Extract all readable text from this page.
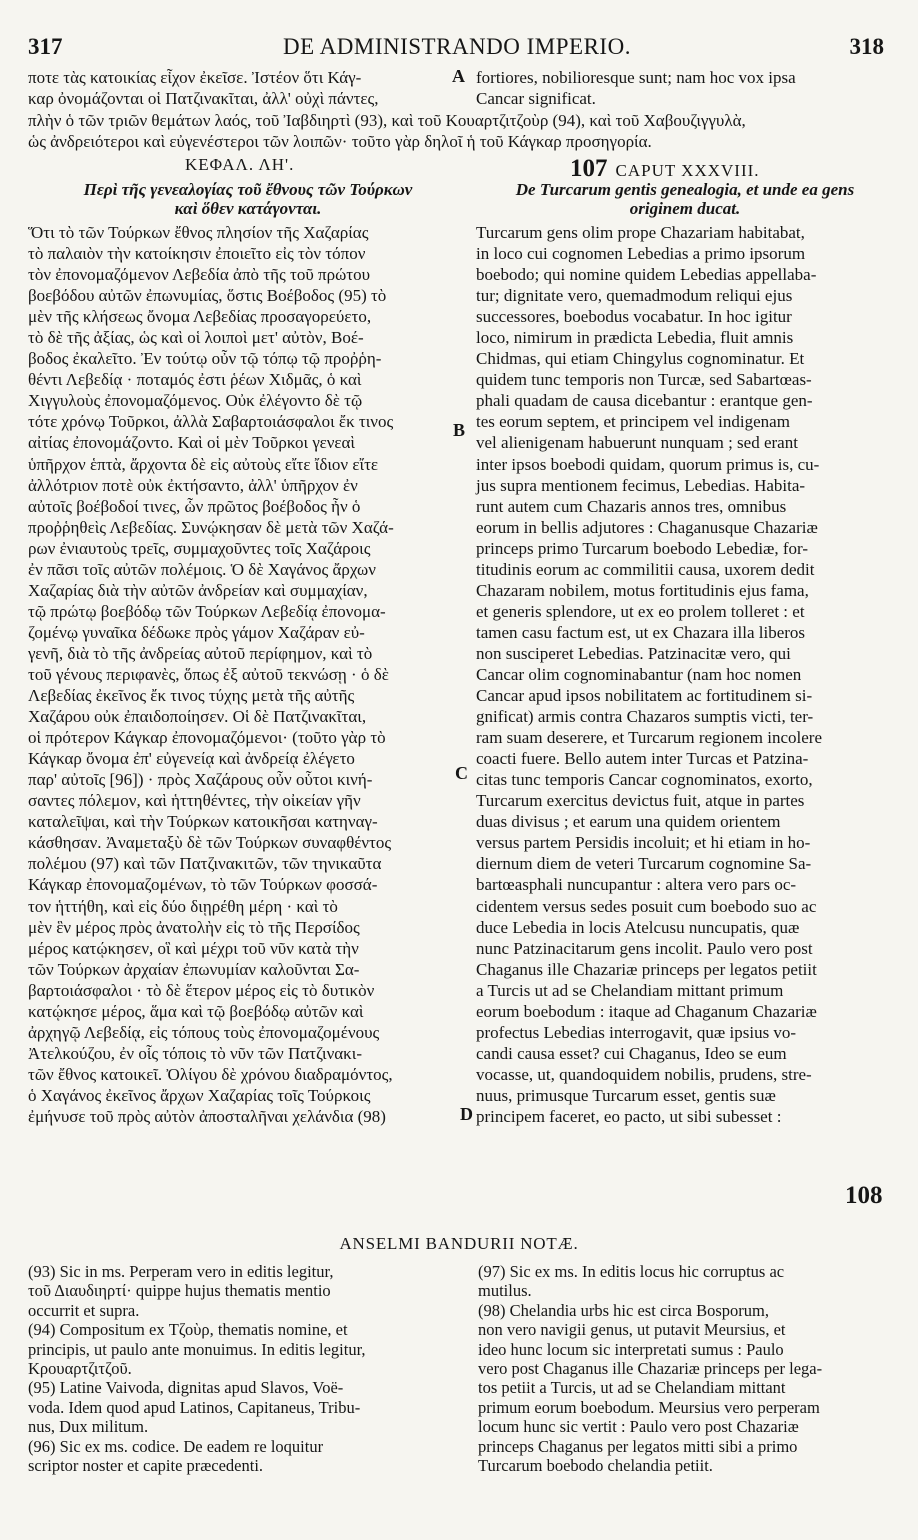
317	DE ADMINISTRANDO IMPERIO.	318
ποτε τὰς κατοικίας εἶχον ἐκεῖσε. Ἰστέον ὅτι Κάγ-
καρ ὀνομάζονται οἱ Πατζινακῖται, ἀλλ' οὐχὶ πάντες,
fortiores, nobilioresque sunt; nam hoc vox ipsa
Cancar significat.
A
πλὴν ὁ τῶν τριῶν θεμάτων λαός, τοῦ Ἰαβδιηρτὶ (93), καὶ τοῦ Κουαρτζιτζοὺρ (94), καὶ τοῦ Χαβουζιγγυλὰ,
ὡς ἀνδρειότεροι καὶ εὐγενέστεροι τῶν λοιπῶν· τοῦτο γὰρ δηλοῖ ἡ τοῦ Κάγκαρ προσηγορία.
ΚΕΦΑΛ. ΛΗ'.	107 CAPUT XXXVIII.
Περὶ τῆς γενεαλογίας τοῦ ἔθνους τῶν Τούρκων
καὶ ὅθεν κατάγονται.
De Turcarum gentis genealogia, et unde ea gens
originem ducat.
Ὅτι τὸ τῶν Τούρκων ἔθνος πλησίον τῆς Χαζαρίας
τὸ παλαιὸν τὴν κατοίκησιν ἐποιεῖτο εἰς τὸν τόπον
τὸν ἐπονομαζόμενον Λεβεδία ἀπὸ τῆς τοῦ πρώτου
βοεβόδου αὐτῶν ἐπωνυμίας, ὅστις Βοέβοδος (95) τὸ
μὲν τῆς κλήσεως ὄνομα Λεβεδίας προσαγορεύετο,
τὸ δὲ τῆς ἀξίας, ὡς καὶ οἱ λοιποὶ μετ' αὐτὸν, Βοέ-
βοδος ἐκαλεῖτο. Ἐν τούτῳ οὖν τῷ τόπῳ τῷ προῤῥη-
θέντι Λεβεδίᾳ · ποταμός ἐστι ῥέων Χιδμᾶς, ὁ καὶ
Χιγγυλοὺς ἐπονομαζόμενος. Οὐκ ἐλέγοντο δὲ τῷ
τότε χρόνῳ Τοῦρκοι, ἀλλὰ Σαβαρτοιάσφαλοι ἔκ τινος
αἰτίας ἐπονομάζοντο. Καὶ οἱ μὲν Τοῦρκοι γενεαὶ
ὑπῆρχον ἑπτὰ, ἄρχοντα δὲ εἰς αὐτοὺς εἴτε ἴδιον εἴτε
ἀλλότριον ποτὲ οὐκ ἐκτήσαντο, ἀλλ' ὑπῆρχον ἐν
αὐτοῖς βοέβοδοί τινες, ὧν πρῶτος βοέβοδος ἦν ὁ
προῤῥηθεὶς Λεβεδίας. Συνῴκησαν δὲ μετὰ τῶν Χαζά-
ρων ἐνιαυτοὺς τρεῖς, συμμαχοῦντες τοῖς Χαζάροις
ἐν πᾶσι τοῖς αὐτῶν πολέμοις. Ὁ δὲ Χαγάνος ἄρχων
Χαζαρίας διὰ τὴν αὐτῶν ἀνδρείαν καὶ συμμαχίαν,
τῷ πρώτῳ βοεβόδῳ τῶν Τούρκων Λεβεδίᾳ ἐπονομα-
ζομένῳ γυναῖκα δέδωκε πρὸς γάμον Χαζάραν εὐ-
γενῆ, διὰ τὸ τῆς ἀνδρείας αὐτοῦ περίφημον, καὶ τὸ
τοῦ γένους περιφανὲς, ὅπως ἐξ αὐτοῦ τεκνώσῃ · ὁ δὲ
Λεβεδίας ἐκεῖνος ἔκ τινος τύχης μετὰ τῆς αὐτῆς
Χαζάρου οὐκ ἐπαιδοποίησεν. Οἱ δὲ Πατζινακῖται,
οἱ πρότερον Κάγκαρ ἐπονομαζόμενοι· (τοῦτο γὰρ τὸ
Κάγκαρ ὄνομα ἐπ' εὐγενείᾳ καὶ ἀνδρείᾳ ἐλέγετο
παρ' αὐτοῖς [96]) · πρὸς Χαζάρους οὖν οὗτοι κινή-
σαντες πόλεμον, καὶ ἡττηθέντες, τὴν οἰκείαν γῆν
καταλεῖψαι, καὶ τὴν Τούρκων κατοικῆσαι κατηναγ-
κάσθησαν. Ἀναμεταξὺ δὲ τῶν Τούρκων συναφθέντος
πολέμου (97) καὶ τῶν Πατζινακιτῶν, τῶν τηνικαῦτα
Κάγκαρ ἐπονομαζομένων, τὸ τῶν Τούρκων φοσσά-
τον ἡττήθη, καὶ εἰς δύο διῃρέθη μέρη · καὶ τὸ
μὲν ἓν μέρος πρὸς ἀνατολὴν εἰς τὸ τῆς Περσίδος
μέρος κατῴκησεν, οἳ καὶ μέχρι τοῦ νῦν κατὰ τὴν
τῶν Τούρκων ἀρχαίαν ἐπωνυμίαν καλοῦνται Σα-
βαρτοιάσφαλοι · τὸ δὲ ἕτερον μέρος εἰς τὸ δυτικὸν
κατῴκησε μέρος, ἅμα καὶ τῷ βοεβόδῳ αὐτῶν καὶ
ἀρχηγῷ Λεβεδίᾳ, εἰς τόπους τοὺς ἐπονομαζομένους
Ἀτελκούζου, ἐν οἷς τόποις τὸ νῦν τῶν Πατζινακι-
τῶν ἔθνος κατοικεῖ. Ὀλίγου δὲ χρόνου διαδραμόντος,
ὁ Χαγάνος ἐκεῖνος ἄρχων Χαζαρίας τοῖς Τούρκοις
ἐμήνυσε τοῦ πρὸς αὐτὸν ἀποσταλῆναι χελάνδια (98)
Turcarum gens olim prope Chazariam habitabat,
in loco cui cognomen Lebedias a primo ipsorum
boebodo; qui nomine quidem Lebedias appellaba-
tur; dignitate vero, quemadmodum reliqui ejus
successores, boebodus vocabatur. In hoc igitur
loco, nimirum in prædicta Lebedia, fluit amnis
Chidmas, qui etiam Chingylus cognominatur. Et
quidem tunc temporis non Turcæ, sed Sabartœas-
phali quadam de causa dicebantur : erantque gen-
tes eorum septem, et principem vel indigenam
vel alienigenam habuerunt nunquam ; sed erant
inter ipsos boebodi quidam, quorum primus is, cu-
jus supra mentionem fecimus, Lebedias. Habita-
runt autem cum Chazaris annos tres, omnibus
eorum in bellis adjutores : Chaganusque Chazariæ
princeps primo Turcarum boebodo Lebediæ, for-
titudinis eorum ac commilitii causa, uxorem dedit
Chazaram nobilem, motus fortitudinis ejus fama,
et generis splendore, ut ex eo prolem tolleret : et
tamen casu factum est, ut ex Chazara illa liberos
non susciperet Lebedias. Patzinacitæ vero, qui
Cancar olim cognominabantur (nam hoc nomen
Cancar apud ipsos nobilitatem ac fortitudinem si-
gnificat) armis contra Chazaros sumptis victi, ter-
ram suam deserere, et Turcarum regionem incolere
coacti fuere. Bello autem inter Turcas et Patzina-
citas tunc temporis Cancar cognominatos, exorto,
Turcarum exercitus devictus fuit, atque in partes
duas divisus ; et earum una quidem orientem
versus partem Persidis incoluit; et hi etiam in ho-
diernum diem de veteri Turcarum cognomine Sa-
bartœasphali nuncupantur : altera vero pars oc-
cidentem versus sedes posuit cum boebodo suo ac
duce Lebedia in locis Atelcusu nuncupatis, quæ
nunc Patzinacitarum gens incolit. Paulo vero post
Chaganus ille Chazariæ princeps per legatos petiit
a Turcis ut ad se Chelandiam mittant primum
eorum boebodum : itaque ad Chaganum Chazariæ
profectus Lebedias interrogavit, quæ ipsius vo-
candi causa esset? cui Chaganus, Ideo se eum
vocasse, ut, quandoquidem nobilis, prudens, stre-
nuus, primusque Turcarum esset, gentis suæ
principem faceret, eo pacto, ut sibi subesset :
B
C
D
108
ANSELMI BANDURII NOTÆ.
(93) Sic in ms. Perperam vero in editis legitur,
τοῦ Διαυδιηρτί· quippe hujus thematis mentio
occurrit et supra.
(94) Compositum ex Τζοὺρ, thematis nomine, et
principis, ut paulo ante monuimus. In editis legitur,
Κρουαρτζιτζοῦ.
(95) Latine Vaivoda, dignitas apud Slavos, Voë-
voda. Idem quod apud Latinos, Capitaneus, Tribu-
nus, Dux militum.
(96) Sic ex ms. codice. De eadem re loquitur
scriptor noster et capite præcedenti.
(97) Sic ex ms. In editis locus hic corruptus ac
mutilus.
(98) Chelandia urbs hic est circa Bosporum,
non vero navigii genus, ut putavit Meursius, et
ideo hunc locum sic interpretati sumus : Paulo
vero post Chaganus ille Chazariæ princeps per lega-
tos petiit a Turcis, ut ad se Chelandiam mittant
primum eorum boebodum. Meursius vero perperam
locum hunc sic vertit : Paulo vero post Chazariæ
princeps Chaganus per legatos mitti sibi a primo
Turcarum boebodo chelandia petiit.
